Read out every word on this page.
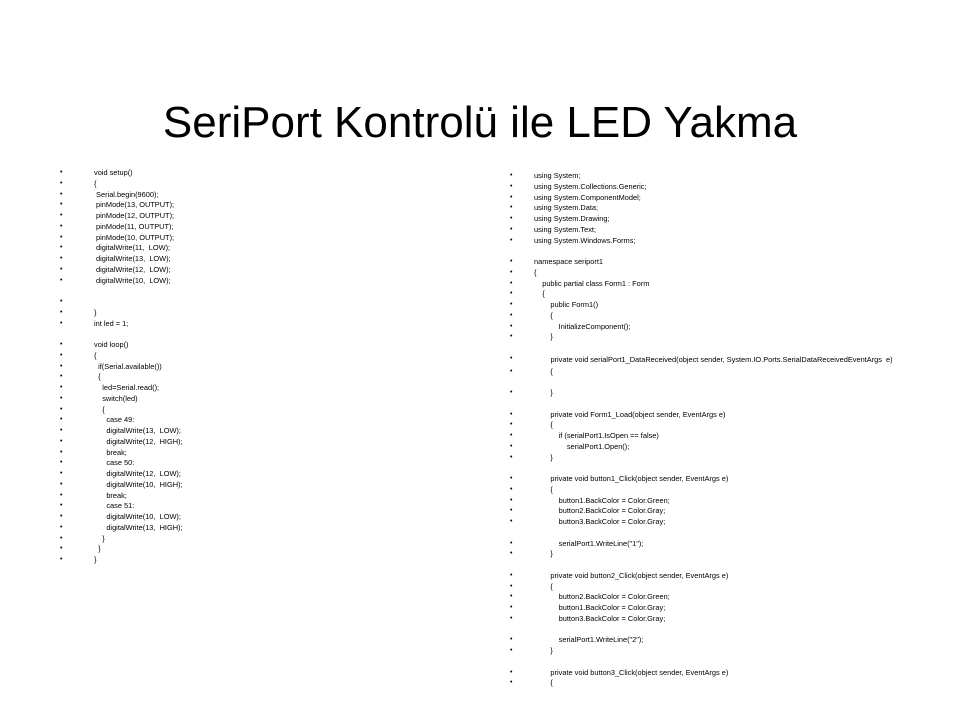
SeriPort Kontrolü ile LED Yakma
•	void setup()
•	{
•	Serial.begin(9600);
•	pinMode(13, OUTPUT);
•	pinMode(12, OUTPUT);
•	pinMode(11, OUTPUT);
•	pinMode(10, OUTPUT);
•	digitalWrite(11,  LOW);
•	digitalWrite(13,  LOW);
•	digitalWrite(12,  LOW);
•	digitalWrite(10,  LOW);
•
•	}
•	int led = 1;
•	void loop()
•	{
•	if(Serial.available())
•	{
•	led=Serial.read();
•	switch(led)
•	{
•	case 49:
•	digitalWrite(13,  LOW);
•	digitalWrite(12,  HIGH);
•	break;
•	case 50:
•	digitalWrite(12,  LOW);
•	digitalWrite(10,  HIGH);
•	break;
•	case 51:
•	digitalWrite(10,  LOW);
•	digitalWrite(13,  HIGH);
•	}
•	}
•	}
•	using System;
•	using System.Collections.Generic;
•	using System.ComponentModel;
•	using System.Data;
•	using System.Drawing;
•	using System.Text;
•	using System.Windows.Forms;
•	namespace seriport1
•	{
•	public partial class Form1 : Form
•	{
•	public Form1()
•	{
•	InitializeComponent();
•	}
•	private void serialPort1_DataReceived(object sender, System.IO.Ports.SerialDataReceivedEventArgs  e)
•	{
•	}
•	private void Form1_Load(object sender, EventArgs e)
•	{
•	if (serialPort1.IsOpen == false)
•	serialPort1.Open();
•	}
•	private void button1_Click(object sender, EventArgs e)
•	{
•	button1.BackColor = Color.Green;
•	button2.BackColor = Color.Gray;
•	button3.BackColor = Color.Gray;
•	serialPort1.WriteLine("1");
•	}
•	private void button2_Click(object sender, EventArgs e)
•	{
•	button2.BackColor = Color.Green;
•	button1.BackColor = Color.Gray;
•	button3.BackColor = Color.Gray;
•	serialPort1.WriteLine("2");
•	}
•	private void button3_Click(object sender, EventArgs e)
•	{
